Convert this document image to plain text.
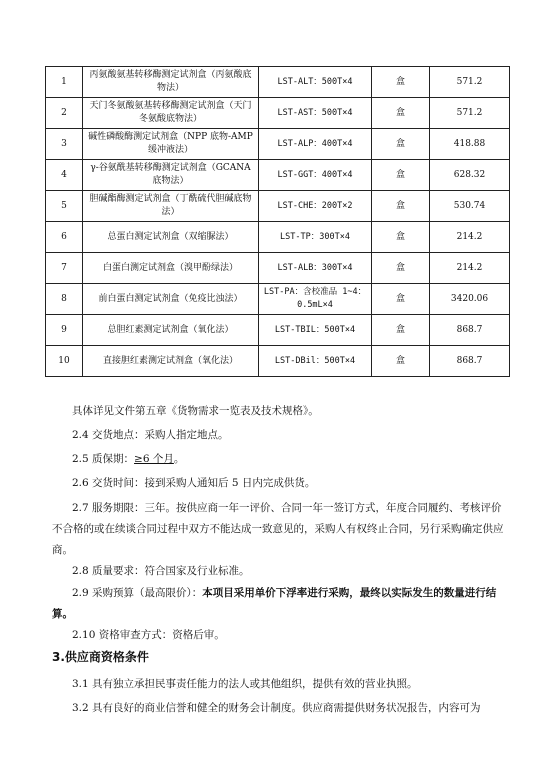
1	丙氨酸氨基转移酶测定试剂盒（丙氨酸底物法）	LST-ALT：500T×4	盒	571.2
2	天门冬氨酸氨基转移酶测定试剂盒（天门冬氨酸底物法）	LST-AST：500T×4	盒	571.2
3	碱性磷酸酶测定试剂盒（NPP 底物-AMP 缓冲液法）	LST-ALP：400T×4	盒	418.88
4	γ-谷氨酰基转移酶测定试剂盒（GCANA 底物法）	LST-GGT：400T×4	盒	628.32
5	胆碱酯酶测定试剂盒（丁酰硫代胆碱底物法）	LST-CHE：200T×2	盒	530.74
6	总蛋白测定试剂盒（双缩脲法）	LST-TP：300T×4	盒	214.2
7	白蛋白测定试剂盒（溴甲酚绿法）	LST-ALB：300T×4	盒	214.2
8	前白蛋白测定试剂盒（免疫比浊法）	LST-PA：含校准品 1~4：0.5mL×4	盒	3420.06
9	总胆红素测定试剂盒（氧化法）	LST-TBIL：500T×4	盒	868.7
10	直接胆红素测定试剂盒（氧化法）	LST-DBil：500T×4	盒	868.7
具体详见文件第五章《货物需求一览表及技术规格》。
2.4 交货地点：采购人指定地点。
2.5 质保期：≥6 个月。
2.6 交货时间：接到采购人通知后 5 日内完成供货。
2.7 服务期限：三年。按供应商一年一评价、合同一年一签订方式，年度合同履约、考核评价不合格的或在续谈合同过程中双方不能达成一致意见的，采购人有权终止合同，另行采购确定供应商。
2.8 质量要求：符合国家及行业标准。
2.9 采购预算（最高限价）：本项目采用单价下浮率进行采购，最终以实际发生的数量进行结算。
2.10 资格审查方式：资格后审。
3.供应商资格条件
3.1 具有独立承担民事责任能力的法人或其他组织，提供有效的营业执照。
3.2 具有良好的商业信誉和健全的财务会计制度。供应商需提供财务状况报告，内容可为
